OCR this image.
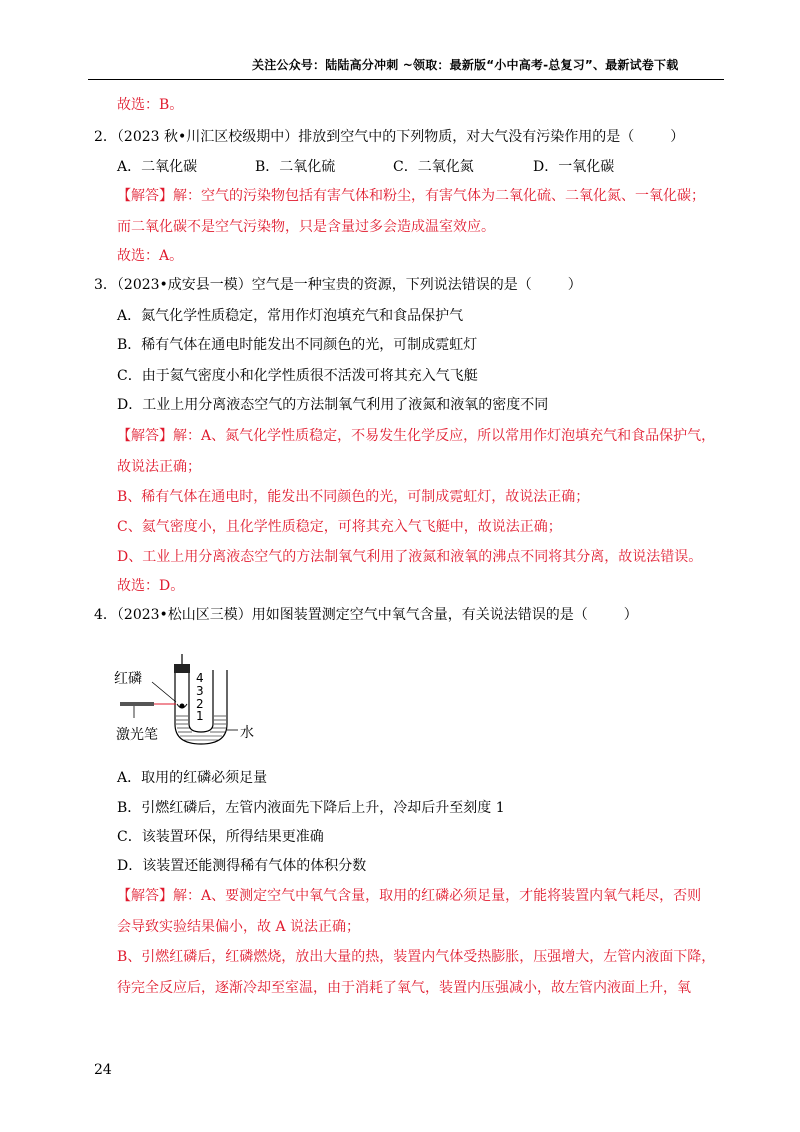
关注公众号：陆陆高分冲刺 ~领取：最新版“小中高考-总复习”、最新试卷下载
故选：B。
2．（2023 秋•川汇区校级期中）排放到空气中的下列物质，对大气没有污染作用的是（	）
A．二氧化碳	B．二氧化硫	C．二氧化氮	D．一氧化碳
【解答】解：空气的污染物包括有害气体和粉尘，有害气体为二氧化硫、二氧化氮、一氧化碳；
而二氧化碳不是空气污染物，只是含量过多会造成温室效应。
故选：A。
3．（2023•成安县一模）空气是一种宝贵的资源，下列说法错误的是（	）
A．氮气化学性质稳定，常用作灯泡填充气和食品保护气
B．稀有气体在通电时能发出不同颜色的光，可制成霓虹灯
C．由于氦气密度小和化学性质很不活泼可将其充入气飞艇
D．工业上用分离液态空气的方法制氧气利用了液氮和液氧的密度不同
【解答】解：A、氮气化学性质稳定，不易发生化学反应，所以常用作灯泡填充气和食品保护气，
故说法正确；
B、稀有气体在通电时，能发出不同颜色的光，可制成霓虹灯，故说法正确；
C、氦气密度小，且化学性质稳定，可将其充入气飞艇中，故说法正确；
D、工业上用分离液态空气的方法制氧气利用了液氮和液氧的沸点不同将其分离，故说法错误。
故选：D。
4．（2023•松山区三模）用如图装置测定空气中氧气含量，有关说法错误的是（	）
红磷
激光笔	水
4
3
2
1
A．取用的红磷必须足量
B．引燃红磷后，左管内液面先下降后上升，冷却后升至刻度 1
C．该装置环保，所得结果更准确
D．该装置还能测得稀有气体的体积分数
【解答】解：A、要测定空气中氧气含量，取用的红磷必须足量，才能将装置内氧气耗尽，否则
会导致实验结果偏小，故 A 说法正确；
B、引燃红磷后，红磷燃烧，放出大量的热，装置内气体受热膨胀，压强增大，左管内液面下降，
待完全反应后，逐渐冷却至室温，由于消耗了氧气，装置内压强减小，故左管内液面上升，氧
24
